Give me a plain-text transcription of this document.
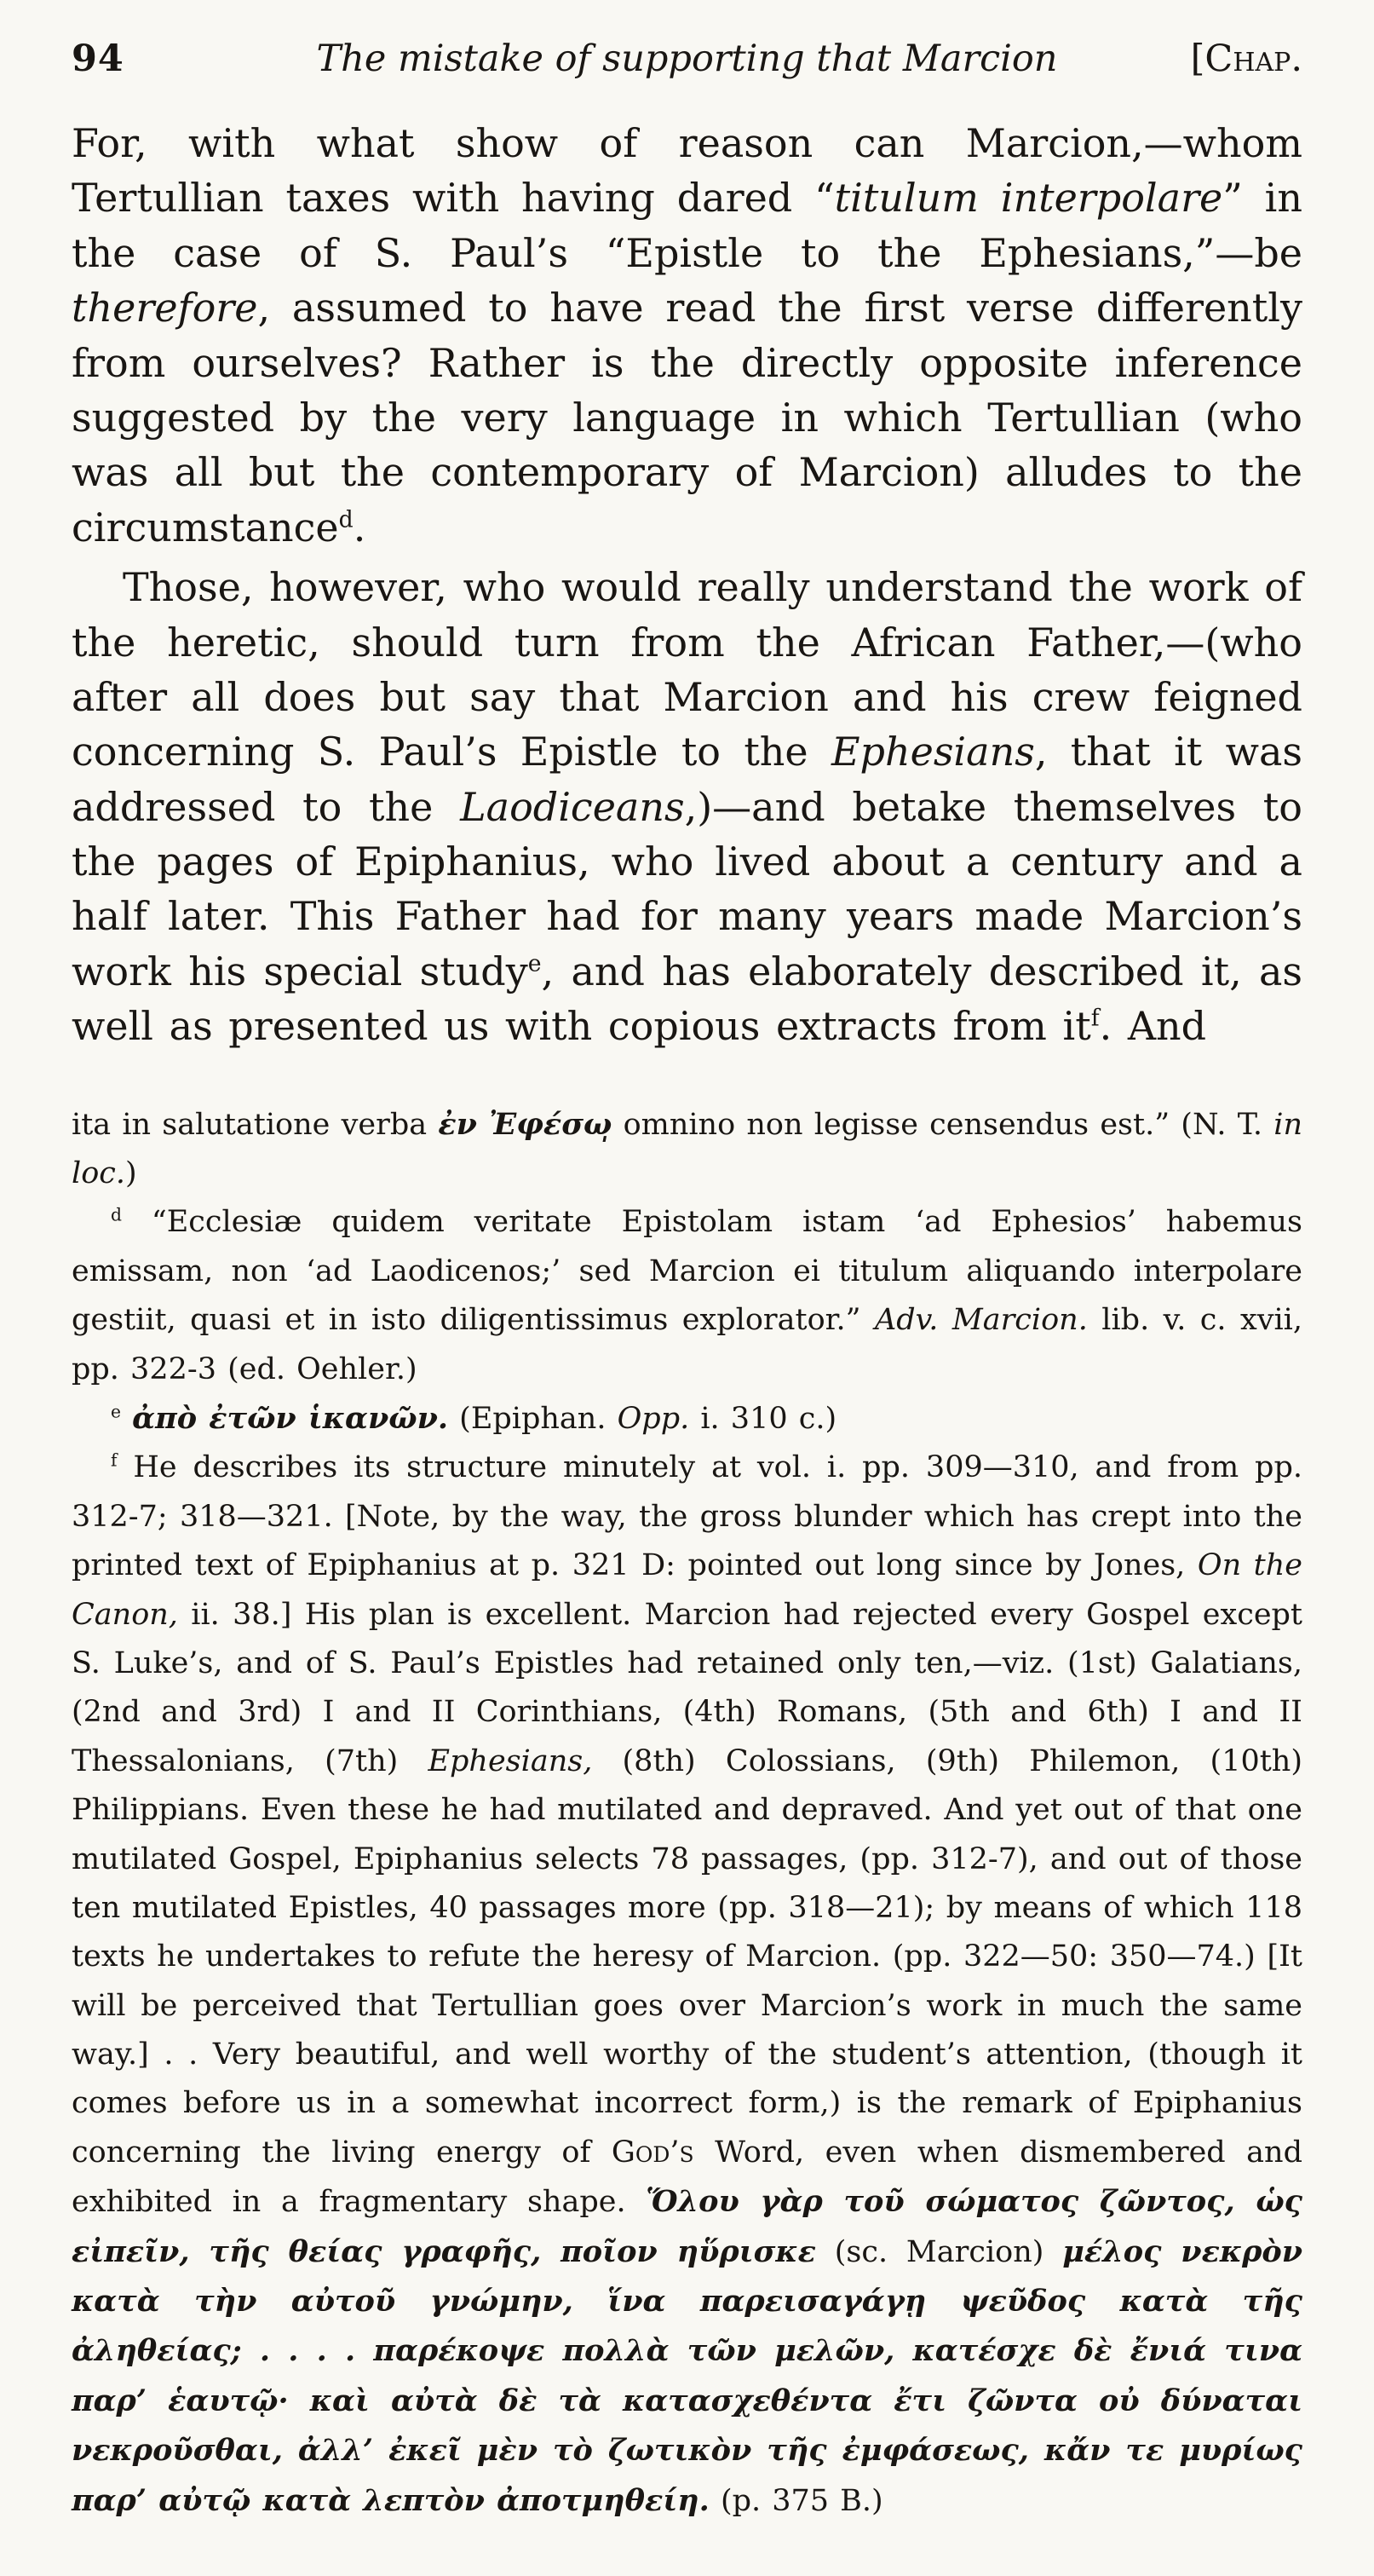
94	The mistake of supporting that Marcion	[Chap.

For, with what show of reason can Marcion,—whom Tertullian taxes with having dared “titulum interpolare” in the case of S. Paul’s “Epistle to the Ephesians,”—be therefore, assumed to have read the first verse differently from ourselves? Rather is the directly opposite inference suggested by the very language in which Tertullian (who was all but the contemporary of Marcion) alludes to the circumstance$^d$.

Those, however, who would really understand the work of the heretic, should turn from the African Father,—(who after all does but say that Marcion and his crew feigned concerning S. Paul’s Epistle to the Ephesians, that it was addressed to the Laodiceans,)—and betake themselves to the pages of Epiphanius, who lived about a century and a half later. This Father had for many years made Marcion’s work his special study$^e$, and has elaborately described it, as well as presented us with copious extracts from $it^f$. And

ita in salutatione verba ἐν Ἐφέσω̩ omnino non legisse censendus est.” (N. T. in loc.)

$^d$ “Ecclesiæ quidem veritate Epistolam istam ‘ad Ephesios’ habemus emissam, non ‘ad Laodicenos;’ sed Marcion ei titulum aliquando interpolare gestiit, quasi et in isto diligentissimus explorator.” Adv. Marcion. lib. v. c. xvii, pp. 322-3 (ed. Oehler.)

$^e$ ἀπὸ ἐτῶν ἱκανῶν. (Epiphan. Opp. i. 310 c.)

$^f$ He describes its structure minutely at vol. i. pp. 309—310, and from pp. 312-7; 318—321. [Note, by the way, the gross blunder which has crept into the printed text of Epiphanius at p. 321 D: pointed out long since by Jones, On the Canon, ii. 38.] His plan is excellent. Marcion had rejected every Gospel except S. Luke’s, and of S. Paul’s Epistles had retained only ten,—viz. (1st) Galatians, (2nd and 3rd) I and II Corinthians, (4th) Romans, (5th and 6th) I and II Thessalonians, (7th) Ephesians, (8th) Colossians, (9th) Philemon, (10th) Philippians. Even these he had mutilated and depraved. And yet out of that one mutilated Gospel, Epiphanius selects 78 passages, (pp. 312-7), and out of those ten mutilated Epistles, 40 passages more (pp. 318—21); by means of which 118 texts he undertakes to refute the heresy of Marcion. (pp. 322—50: 350—74.) [It will be perceived that Tertullian goes over Marcion’s work in much the same way.] . . Very beautiful, and well worthy of the student’s attention, (though it comes before us in a somewhat incorrect form,) is the remark of Epiphanius concerning the living energy of God’s Word, even when dismembered and exhibited in a fragmentary shape. Ὅλου γὰρ τοῦ σώματος ζῶντος, ὡς εἰπεῖν, τῆς θείας γραφῆς, ποῖον ηὕρισκε (sc. Marcion) μέλος νεκρὸν κατὰ τὴν αὐτοῦ γνώμην, ἵνα παρεισαγάγῃ ψεῦδος κατὰ τῆς ἀληθείας; . . . . παρέκοψε πολλὰ τῶν μελῶν, κατέσχε δὲ ἔνιά τινα παρ’ ἑαυτῷ· καὶ αὐτὰ δὲ τὰ κατασχεθέντα ἔτι ζῶντα οὐ δύναται νεκροῦσθαι, ἀλλ’ ἐκεῖ μὲν τὸ ζωτικὸν τῆς ἐμφάσεως, κἄν τε μυρίως παρ’ αὐτῷ κατὰ λεπτὸν ἀποτμηθείη. (p. 375 B.)
